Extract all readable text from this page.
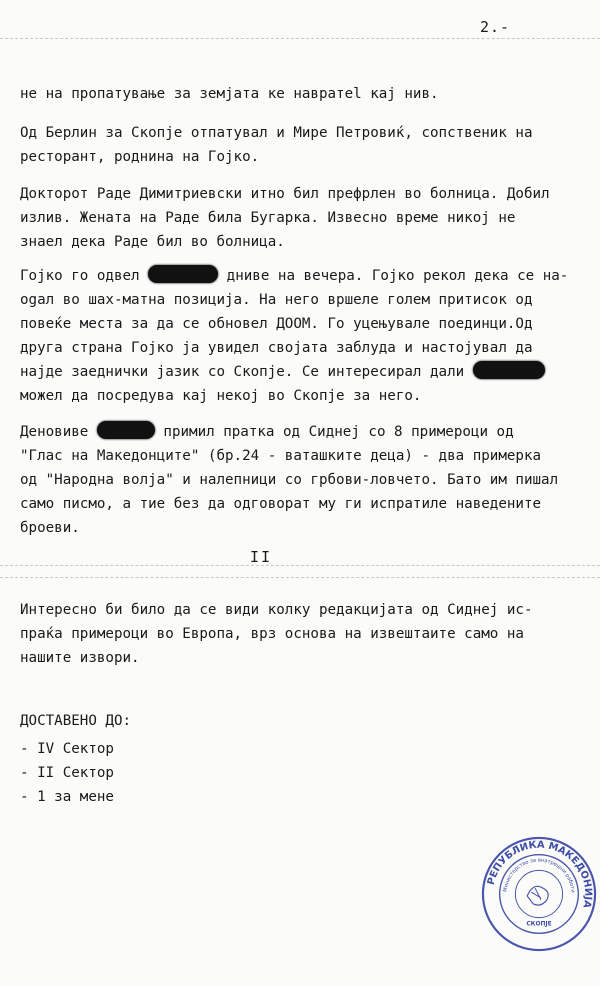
2.-

не на пропатување за земјата ке навратеl кај нив.

Од Берлин за Скопје отпатувал и Мире Петровиќ, сопственик на
ресторант, роднина на Гојко.

Докторот Раде Димитриевски итно бил префрлен во болница. Добил
излив. Жената на Раде била Бугарка. Извесно време никој не
знаел дека Раде бил во болница.

Гојко го одвел	дниве на вечера. Гојко рекол дека се на-
ogал во шах-матна позиција. На него вршеле голем притисок од
повеќе места за да се обновел ДООМ. Го уцењувале поединци.Од
друга страна Гојко ја увидел својата заблуда и настојувал да
најде заеднички јазик со Скопје. Се интересирал дали
можел да посредува кај некој во Скопје за него.

Деновиве	примил пратка од Сиднеј со 8 примероци од
"Глас на Македонците" (бр.24 - ваташките деца) - два примерка
од "Народна волја" и налепници со грбови-ловчето. Бато им пишал
само писмо, а тие без да одговорат му ги испратиле наведените
броеви.

II

Интересно би било да се види колку редакцијата од Сиднеј ис-
праќа примероци во Европа, врз основа на извештаите само на
нашите извори.

ДОСТАВЕНО ДО:
- IV Сектор
- II Сектор
- 1 за мене
РЕПУБЛИКА МАКЕДОНИЈА
Министерство за внатрешни работи
СКОПЈЕ
